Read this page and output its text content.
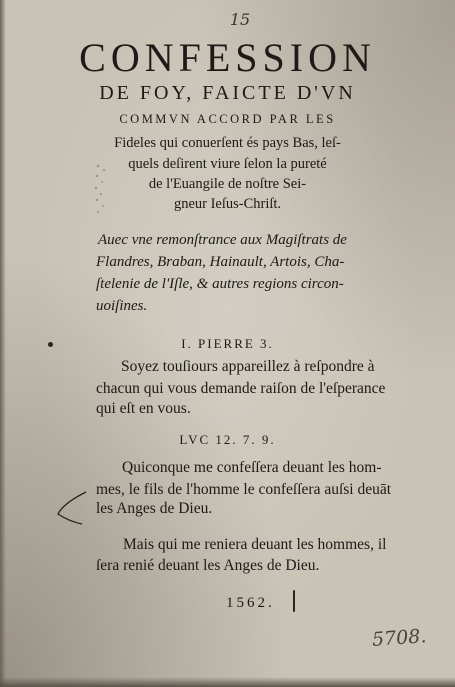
15
CONFESSION
DE FOY, FAICTE D'VN
COMMVN ACCORD PAR LES
Fideles qui conuerſent és pays Bas, leſ-
quels deſirent viure ſelon la pureté
de l'Euangile de noſtre Sei-
gneur Ieſus-Chriſt.
Auec vne remonſtrance aux Magiſtrats de
Flandres, Braban, Hainault, Artois, Cha-
ſtelenie de l'Iſle, & autres regions circon-
uoiſines.
I. PIERRE 3.
Soyez touſiours appareillez à reſpondre à
chacun qui vous demande raiſon de l'eſperance
qui eſt en vous.
LVC 12. 7. 9.
Quiconque me confeſſera deuant les hom-
mes, le fils de l'homme le confeſſera auſsi deuāt
les Anges de Dieu.
Mais qui me reniera deuant les hommes, il
ſera renié deuant les Anges de Dieu.
1562.
5708.
